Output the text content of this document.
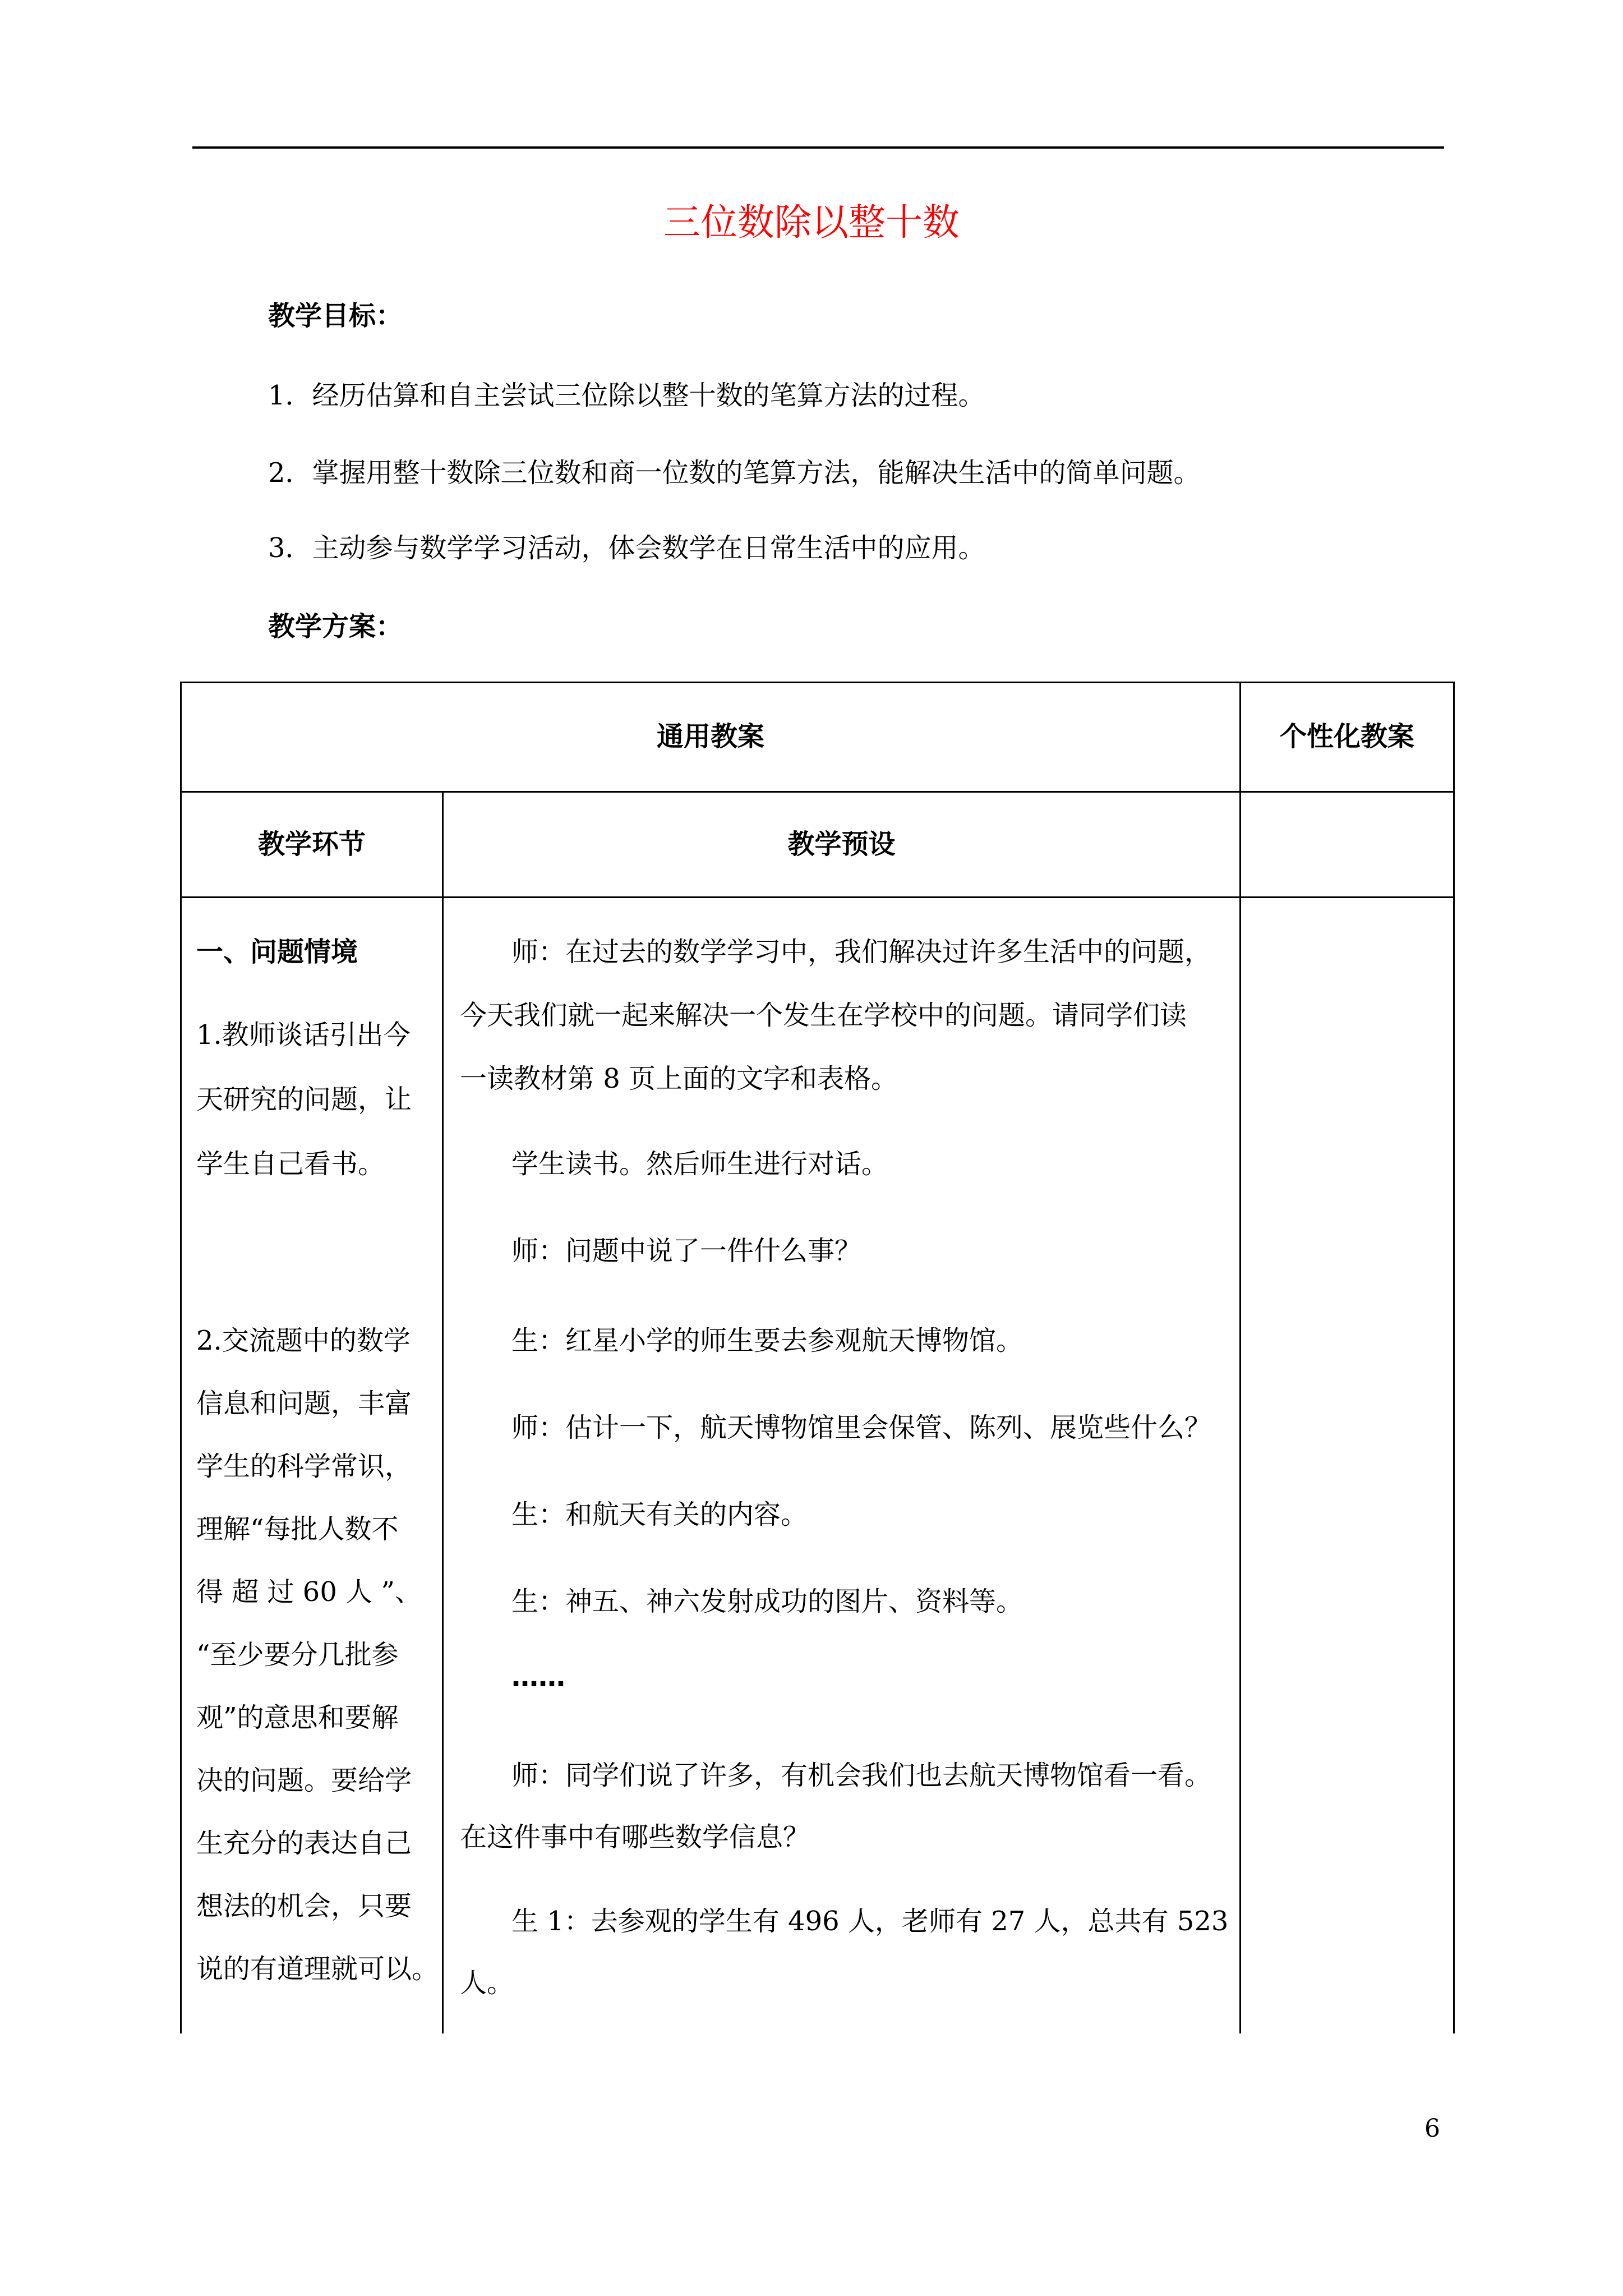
三位数除以整十数
教学目标：
1．经历估算和自主尝试三位除以整十数的笔算方法的过程。
2．掌握用整十数除三位数和商一位数的笔算方法，能解决生活中的简单问题。
3．主动参与数学学习活动，体会数学在日常生活中的应用。
教学方案：
通用教案	个性化教案
教学环节	教学预设
一、问题情境
1.教师谈话引出今
天研究的问题，让
学生自己看书。
2.交流题中的数学
信息和问题，丰富
学生的科学常识，
理解“每批人数不
得 超 过 60 人 ”、
“至少要分几批参
观”的意思和要解
决的问题。要给学
生充分的表达自己
想法的机会，只要
说的有道理就可以。
师：在过去的数学学习中，我们解决过许多生活中的问题，
今天我们就一起来解决一个发生在学校中的问题。请同学们读
一读教材第 8 页上面的文字和表格。
学生读书。然后师生进行对话。
师：问题中说了一件什么事？
生：红星小学的师生要去参观航天博物馆。
师：估计一下，航天博物馆里会保管、陈列、展览些什么？
生：和航天有关的内容。
生：神五、神六发射成功的图片、资料等。
……
师：同学们说了许多，有机会我们也去航天博物馆看一看。
在这件事中有哪些数学信息？
生 1：去参观的学生有 496 人，老师有 27 人，总共有 523
人。
6
